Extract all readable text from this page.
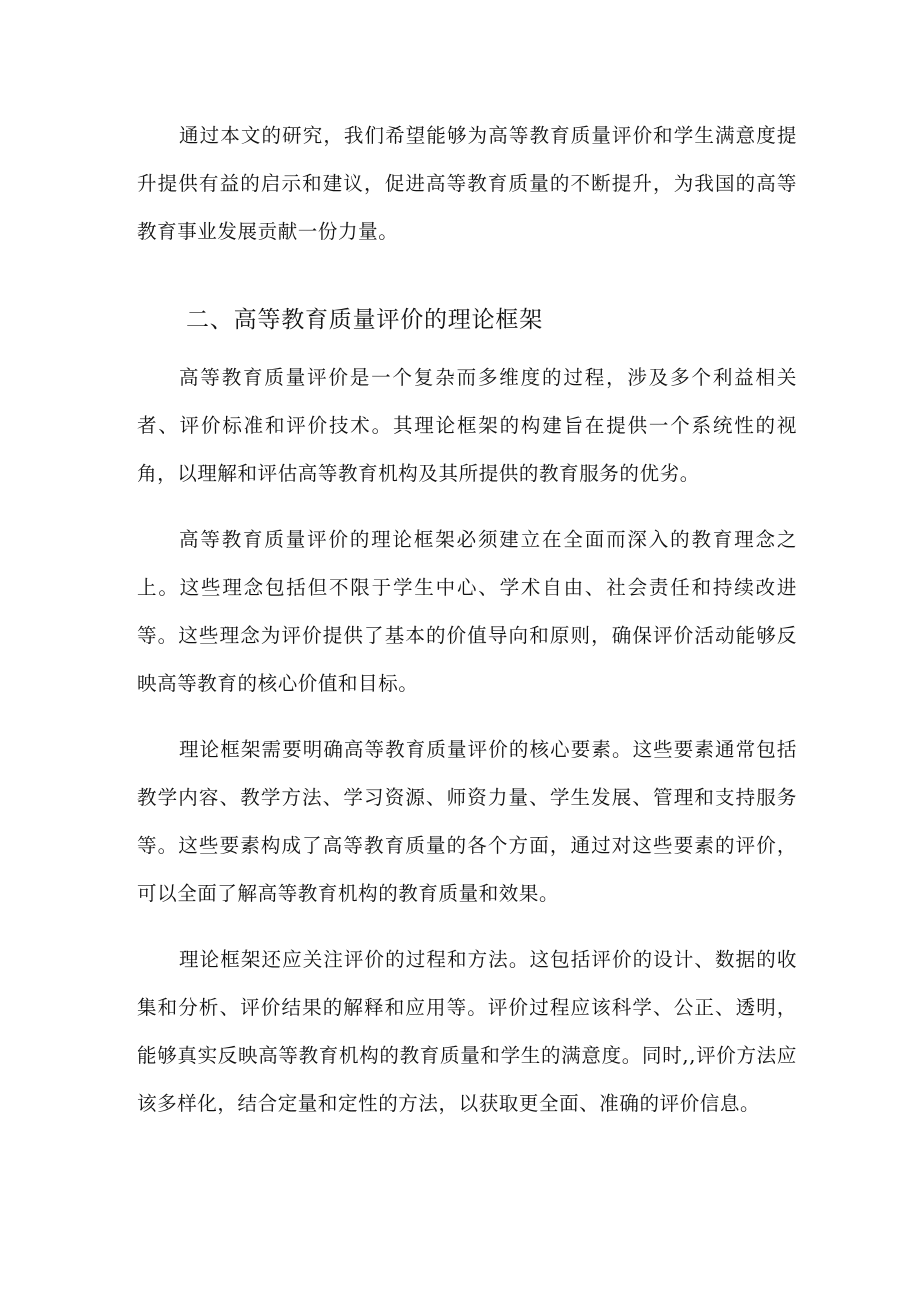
通过本文的研究，我们希望能够为高等教育质量评价和学生满意度提升提供有益的启示和建议，促进高等教育质量的不断提升，为我国的高等教育事业发展贡献一份力量。

二、高等教育质量评价的理论框架

高等教育质量评价是一个复杂而多维度的过程，涉及多个利益相关者、评价标准和评价技术。其理论框架的构建旨在提供一个系统性的视角，以理解和评估高等教育机构及其所提供的教育服务的优劣。

高等教育质量评价的理论框架必须建立在全面而深入的教育理念之上。这些理念包括但不限于学生中心、学术自由、社会责任和持续改进等。这些理念为评价提供了基本的价值导向和原则，确保评价活动能够反映高等教育的核心价值和目标。

理论框架需要明确高等教育质量评价的核心要素。这些要素通常包括教学内容、教学方法、学习资源、师资力量、学生发展、管理和支持服务等。这些要素构成了高等教育质量的各个方面，通过对这些要素的评价，可以全面了解高等教育机构的教育质量和效果。

理论框架还应关注评价的过程和方法。这包括评价的设计、数据的收集和分析、评价结果的解释和应用等。评价过程应该科学、公正、透明，能够真实反映高等教育机构的教育质量和学生的满意度。同时,,评价方法应该多样化，结合定量和定性的方法，以获取更全面、准确的评价信息。
